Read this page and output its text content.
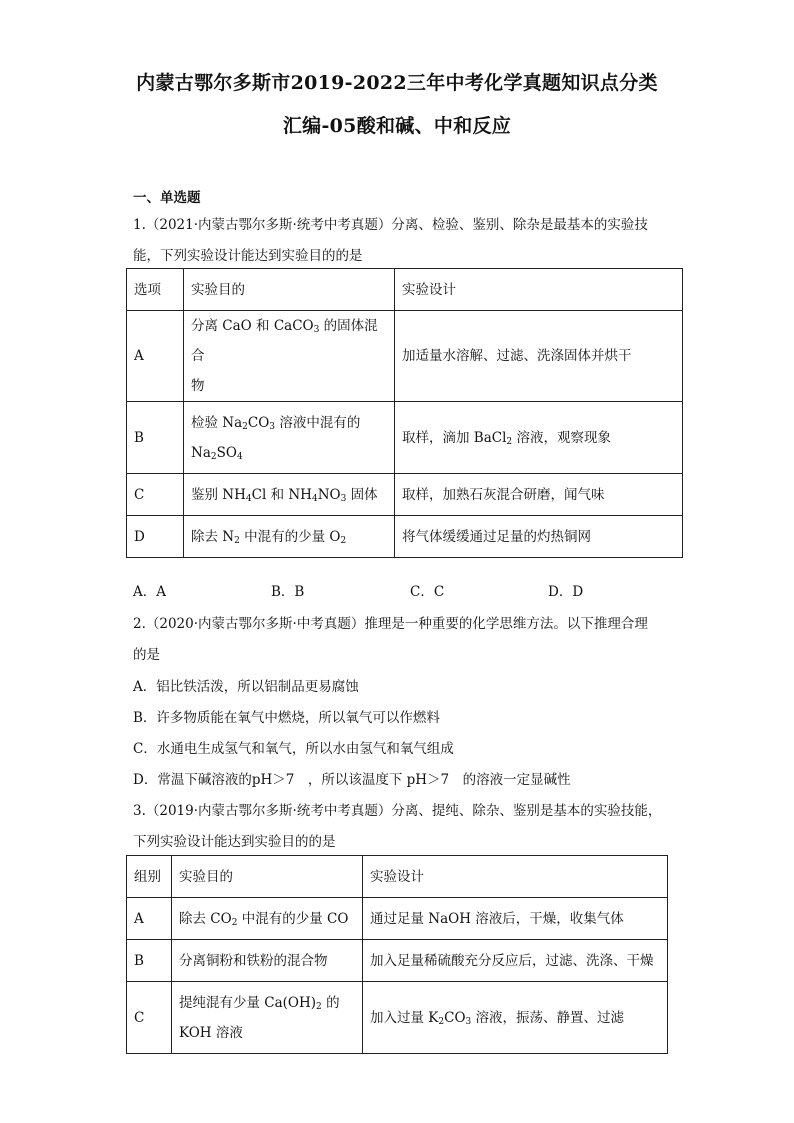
内蒙古鄂尔多斯市2019-2022三年中考化学真题知识点分类
汇编-05酸和碱、中和反应
一、单选题
1.（2021·内蒙古鄂尔多斯·统考中考真题）分离、检验、鉴别、除杂是最基本的实验技
能，下列实验设计能达到实验目的的是
选项	实验目的	实验设计
A	分离 CaO 和 CaCO$_3$ 的固体混合
物	加适量水溶解、过滤、洗涤固体并烘干
B	检验 $Na_2CO_3$ 溶液中混有的
$Na_2SO_4$	取样，滴加 BaCl$_2$ 溶液，观察现象
C	鉴别 $NH_4Cl$ 和 $NH_4NO_3$ 固体	取样，加熟石灰混合研磨，闻气味
D	除去 $N_2$ 中混有的少量 $O_2$	将气体缓缓通过足量的灼热铜网
A．A	B．B	C．C	D．D
2.（2020·内蒙古鄂尔多斯·中考真题）推理是一种重要的化学思维方法。以下推理合理
的是
A．铝比铁活泼，所以铝制品更易腐蚀
B．许多物质能在氧气中燃烧，所以氧气可以作燃料
C．水通电生成氢气和氧气，所以水由氢气和氧气组成
D．常温下碱溶液的pH＞7　，所以该温度下 pH＞7　的溶液一定显碱性
3.（2019·内蒙古鄂尔多斯·统考中考真题）分离、提纯、除杂、鉴别是基本的实验技能，
下列实验设计能达到实验目的的是
组别	实验目的	实验设计
A	除去 $CO_2$ 中混有的少量 CO	通过足量 NaOH 溶液后，干燥，收集气体
B	分离铜粉和铁粉的混合物	加入足量稀硫酸充分反应后，过滤、洗涤、干燥
C	提纯混有少量 $Ca(OH)_2$ 的
KOH 溶液	加入过量 $K_2CO_3$ 溶液，振荡、静置、过滤
